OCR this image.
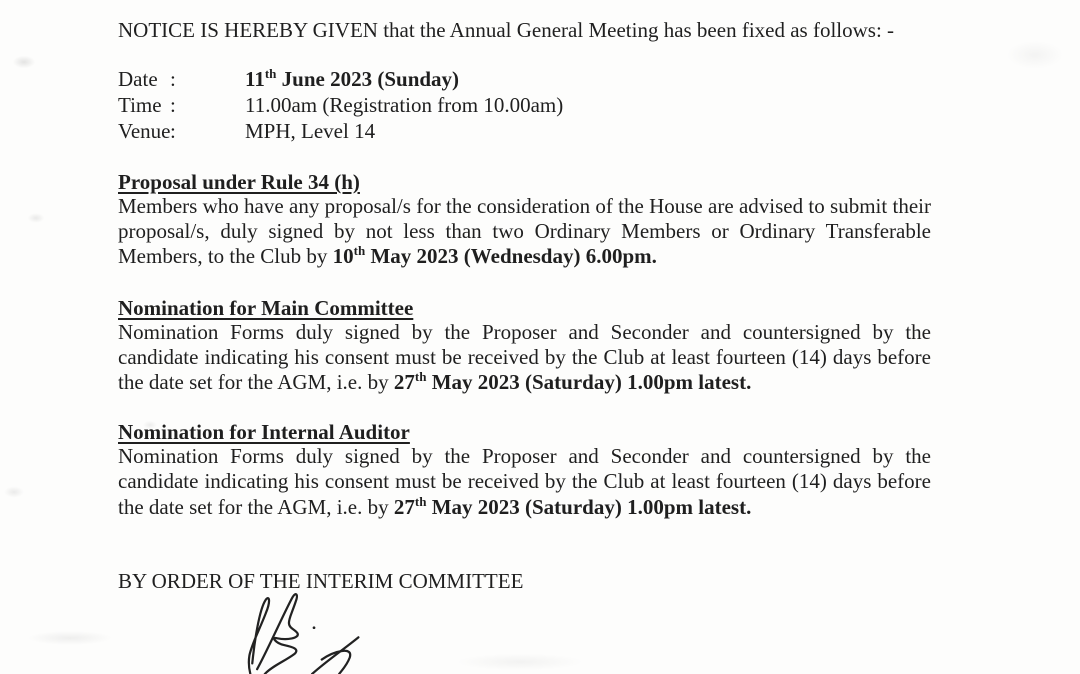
NOTICE IS HEREBY GIVEN that the Annual General Meeting has been fixed as follows: -

Date :	11th June 2023 (Sunday)
Time :	11.00am (Registration from 10.00am)
Venue :	MPH, Level 14

Proposal under Rule 34 (h)

Members who have any proposal/s for the consideration of the House are advised to submit their proposal/s, duly signed by not less than two Ordinary Members or Ordinary Transferable Members, to the Club by 10th May 2023 (Wednesday) 6.00pm.

Nomination for Main Committee

Nomination Forms duly signed by the Proposer and Seconder and countersigned by the candidate indicating his consent must be received by the Club at least fourteen (14) days before the date set for the AGM, i.e. by 27th May 2023 (Saturday) 1.00pm latest.

Nomination for Internal Auditor

Nomination Forms duly signed by the Proposer and Seconder and countersigned by the candidate indicating his consent must be received by the Club at least fourteen (14) days before the date set for the AGM, i.e. by 27th May 2023 (Saturday) 1.00pm latest.

BY ORDER OF THE INTERIM COMMITTEE
